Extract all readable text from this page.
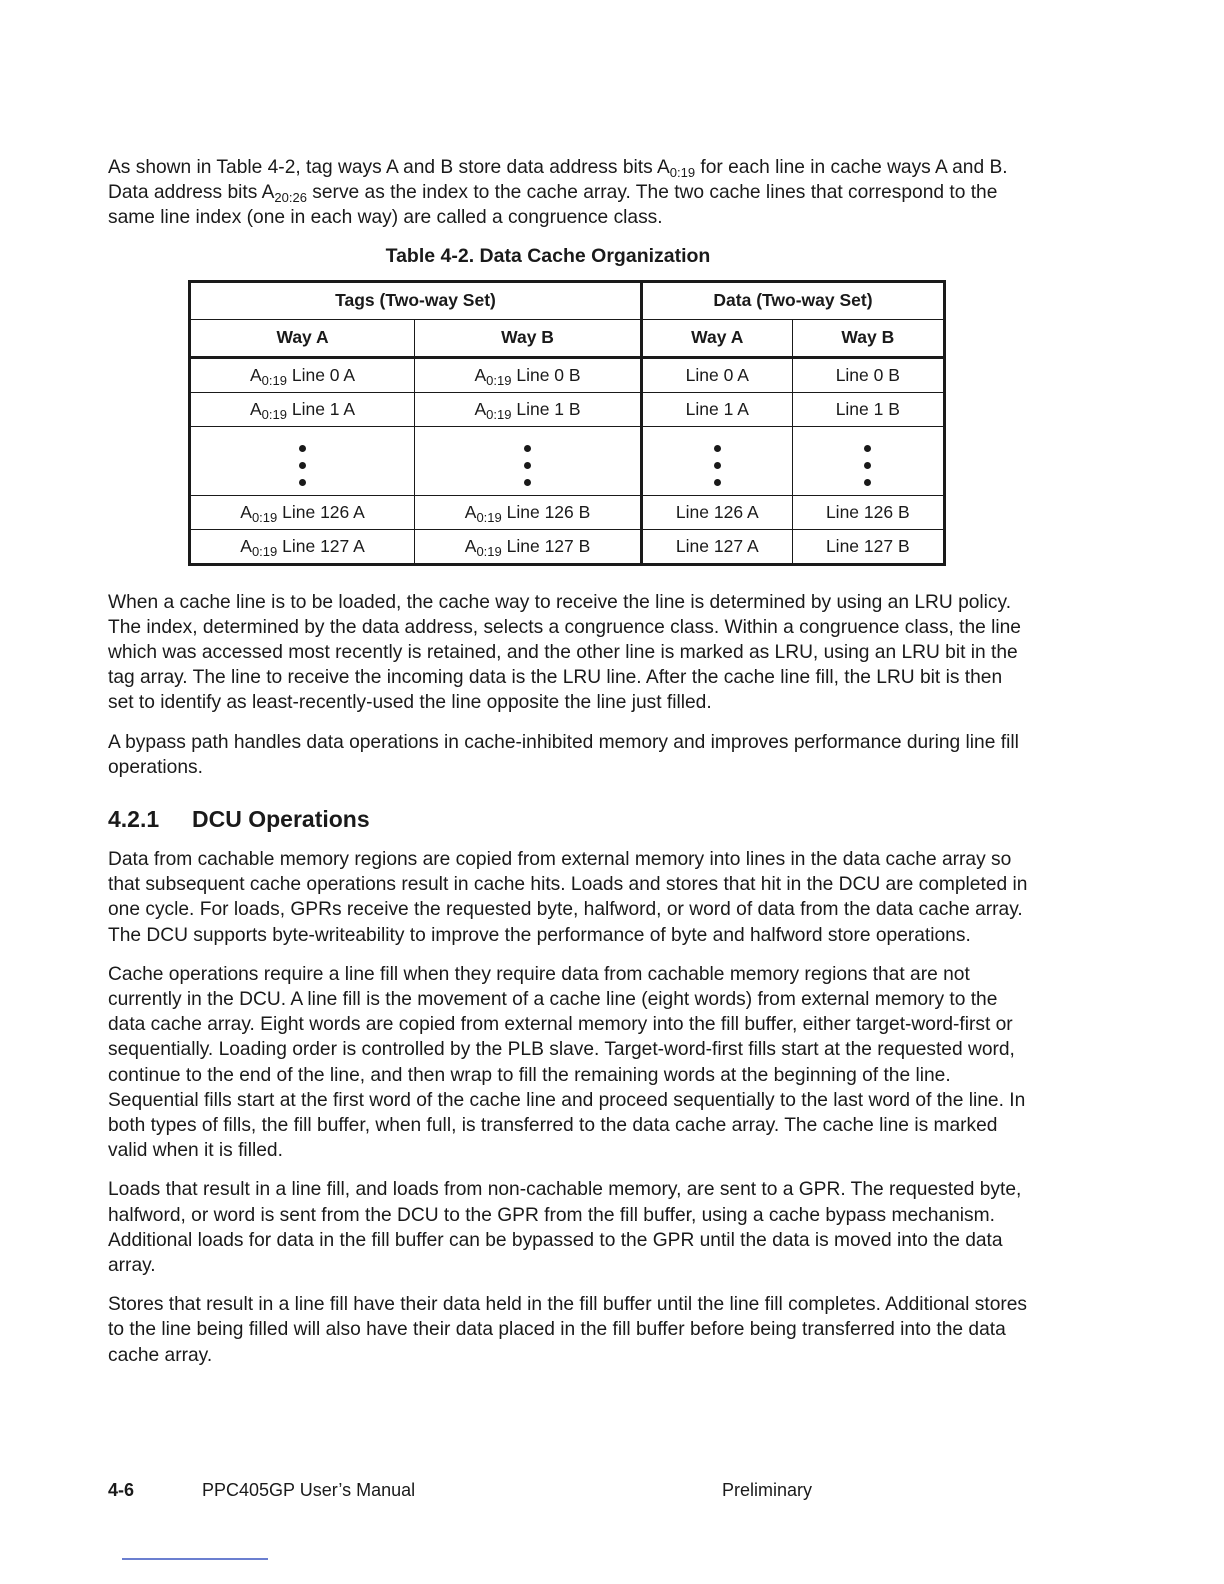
As shown in Table 4-2, tag ways A and B store data address bits $A_{0:19}$ for each line in cache ways A and B. Data address bits $A_{20:26}$ serve as the index to the cache array. The two cache lines that correspond to the same line index (one in each way) are called a congruence class.

Table 4-2. Data Cache Organization
Tags (Two-way Set)		Data (Two-way Set)	
Way A	Way B	Way A	Way B
$A_{0:19}$ Line 0 A	$A_{0:19}$ Line 0 B	Line 0 A	Line 0 B
$A_{0:19}$ Line 1 A	$A_{0:19}$ Line 1 B	Line 1 A	Line 1 B

$A_{0:19}$ Line 126 A	$A_{0:19}$ Line 126 B	Line 126 A	Line 126 B
$A_{0:19}$ Line 127 A	$A_{0:19}$ Line 127 B	Line 127 A	Line 127 B

When a cache line is to be loaded, the cache way to receive the line is determined by using an LRU policy. The index, determined by the data address, selects a congruence class. Within a congruence class, the line which was accessed most recently is retained, and the other line is marked as LRU, using an LRU bit in the tag array. The line to receive the incoming data is the LRU line. After the cache line fill, the LRU bit is then set to identify as least-recently-used the line opposite the line just filled.

A bypass path handles data operations in cache-inhibited memory and improves performance during line fill operations.

4.2.1 DCU Operations

Data from cachable memory regions are copied from external memory into lines in the data cache array so that subsequent cache operations result in cache hits. Loads and stores that hit in the DCU are completed in one cycle. For loads, GPRs receive the requested byte, halfword, or word of data from the data cache array. The DCU supports byte-writeability to improve the performance of byte and halfword store operations.

Cache operations require a line fill when they require data from cachable memory regions that are not currently in the DCU. A line fill is the movement of a cache line (eight words) from external memory to the data cache array. Eight words are copied from external memory into the fill buffer, either target-word-first or sequentially. Loading order is controlled by the PLB slave. Target-word-first fills start at the requested word, continue to the end of the line, and then wrap to fill the remaining words at the beginning of the line. Sequential fills start at the first word of the cache line and proceed sequentially to the last word of the line. In both types of fills, the fill buffer, when full, is transferred to the data cache array. The cache line is marked valid when it is filled.

Loads that result in a line fill, and loads from non-cachable memory, are sent to a GPR. The requested byte, halfword, or word is sent from the DCU to the GPR from the fill buffer, using a cache bypass mechanism. Additional loads for data in the fill buffer can be bypassed to the GPR until the data is moved into the data array.

Stores that result in a line fill have their data held in the fill buffer until the line fill completes. Additional stores to the line being filled will also have their data placed in the fill buffer before being transferred into the data cache array.

4-6	PPC405GP User’s Manual	Preliminary
